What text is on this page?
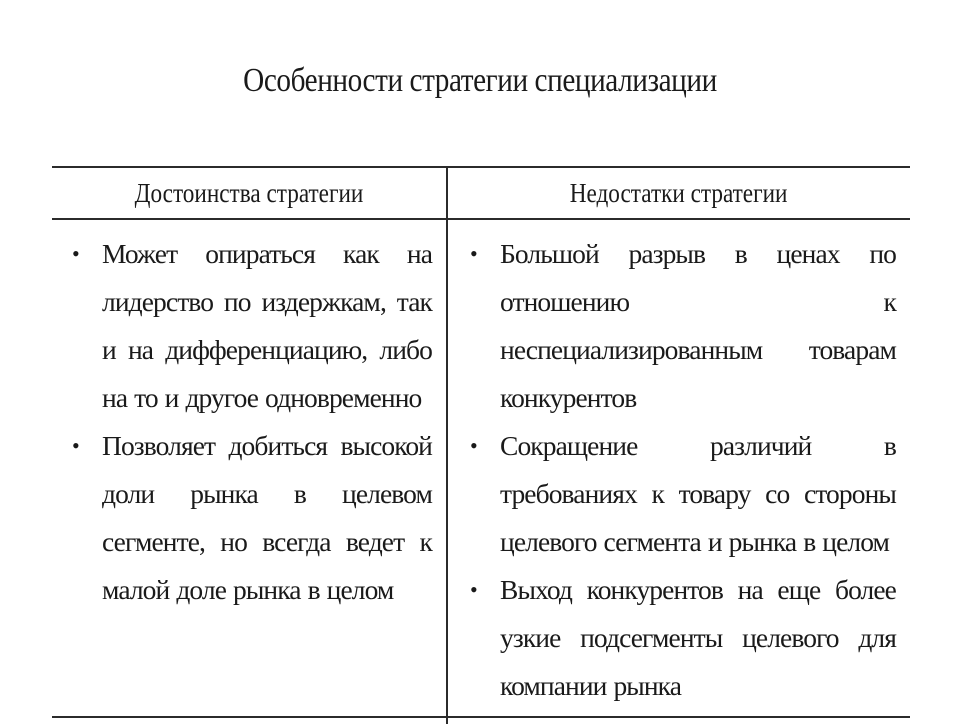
Особенности стратегии специализации
Достоинства стратегии	Недостатки стратегии
• Может опираться как на лидерство по издержкам, так и на дифференциацию, либо на то и другое одновременно
• Позволяет добиться высокой доли рынка в целевом сегменте, но всегда ведет к малой доле рынка в целом
• Большой разрыв в ценах по отношению к неспециализированным товарам конкурентов
• Сокращение различий в требованиях к товару со стороны целевого сегмента и рынка в целом
• Выход конкурентов на еще более узкие подсегменты целевого для компании рынка
